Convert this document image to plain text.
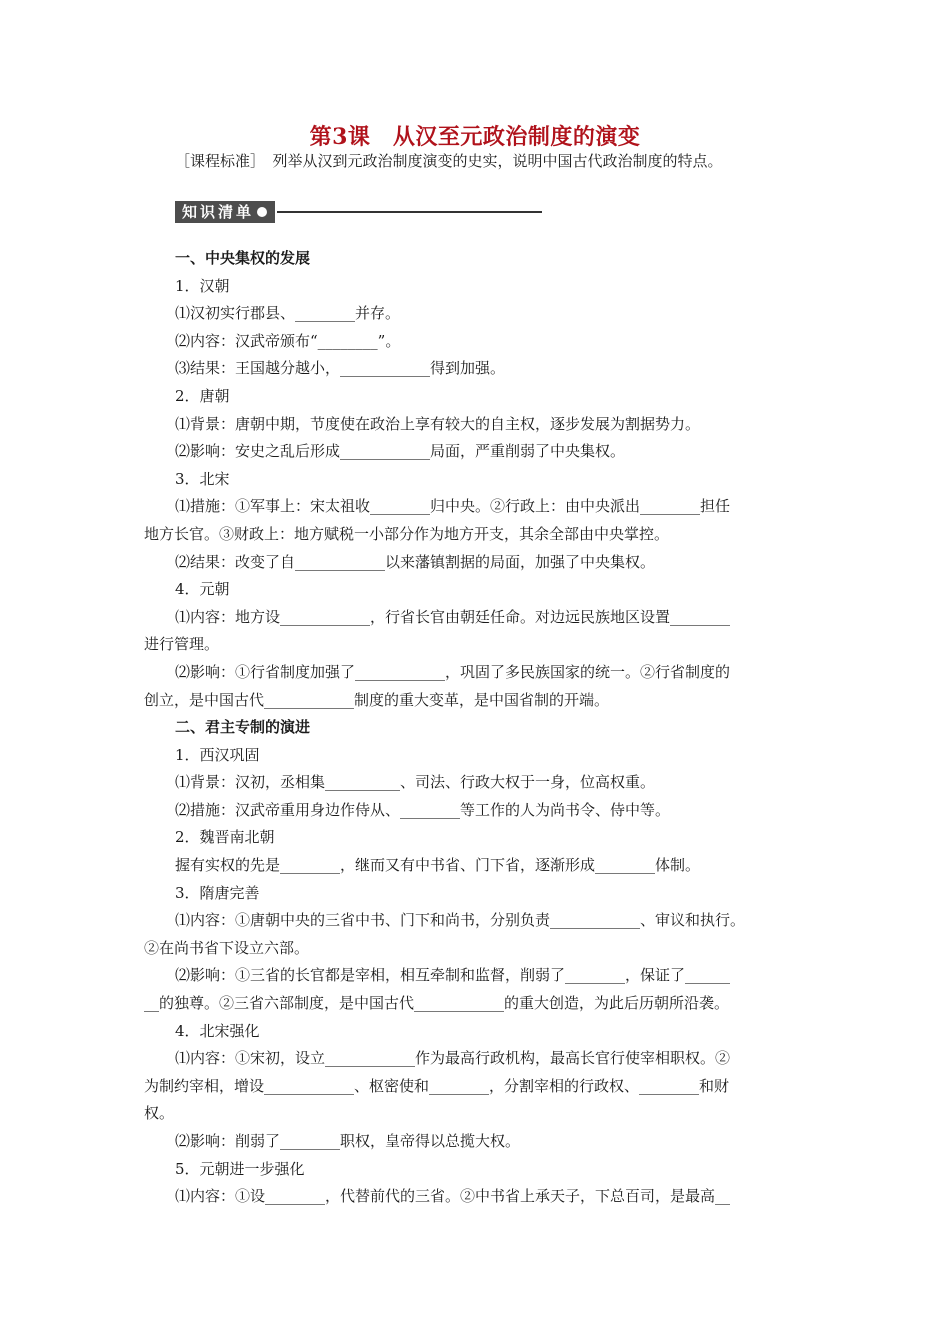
第3课　从汉至元政治制度的演变
［课程标准］　列举从汉到元政治制度演变的史实，说明中国古代政治制度的特点。
知识清单
一、中央集权的发展
1．汉朝
⑴汉初实行郡县、________并存。
⑵内容：汉武帝颁布“________”。
⑶结果：王国越分越小，____________得到加强。
2．唐朝
⑴背景：唐朝中期，节度使在政治上享有较大的自主权，逐步发展为割据势力。
⑵影响：安史之乱后形成____________局面，严重削弱了中央集权。
3．北宋
⑴措施：①军事上：宋太祖收________归中央。②行政上：由中央派出________担任
地方长官。③财政上：地方赋税一小部分作为地方开支，其余全部由中央掌控。
⑵结果：改变了自____________以来藩镇割据的局面，加强了中央集权。
4．元朝
⑴内容：地方设____________，行省长官由朝廷任命。对边远民族地区设置________
进行管理。
⑵影响：①行省制度加强了____________，巩固了多民族国家的统一。②行省制度的
创立，是中国古代____________制度的重大变革，是中国省制的开端。
二、君主专制的演进
1．西汉巩固
⑴背景：汉初，丞相集__________、司法、行政大权于一身，位高权重。
⑵措施：汉武帝重用身边作侍从、________等工作的人为尚书令、侍中等。
2．魏晋南北朝
握有实权的先是________，继而又有中书省、门下省，逐渐形成________体制。
3．隋唐完善
⑴内容：①唐朝中央的三省中书、门下和尚书，分别负责____________、审议和执行。
②在尚书省下设立六部。
⑵影响：①三省的长官都是宰相，相互牵制和监督，削弱了________，保证了______
__的独尊。②三省六部制度，是中国古代____________的重大创造，为此后历朝所沿袭。
4．北宋强化
⑴内容：①宋初，设立____________作为最高行政机构，最高长官行使宰相职权。②
为制约宰相，增设____________、枢密使和________，分割宰相的行政权、________和财
权。
⑵影响：削弱了________职权，皇帝得以总揽大权。
5．元朝进一步强化
⑴内容：①设________，代替前代的三省。②中书省上承天子，下总百司，是最高__
